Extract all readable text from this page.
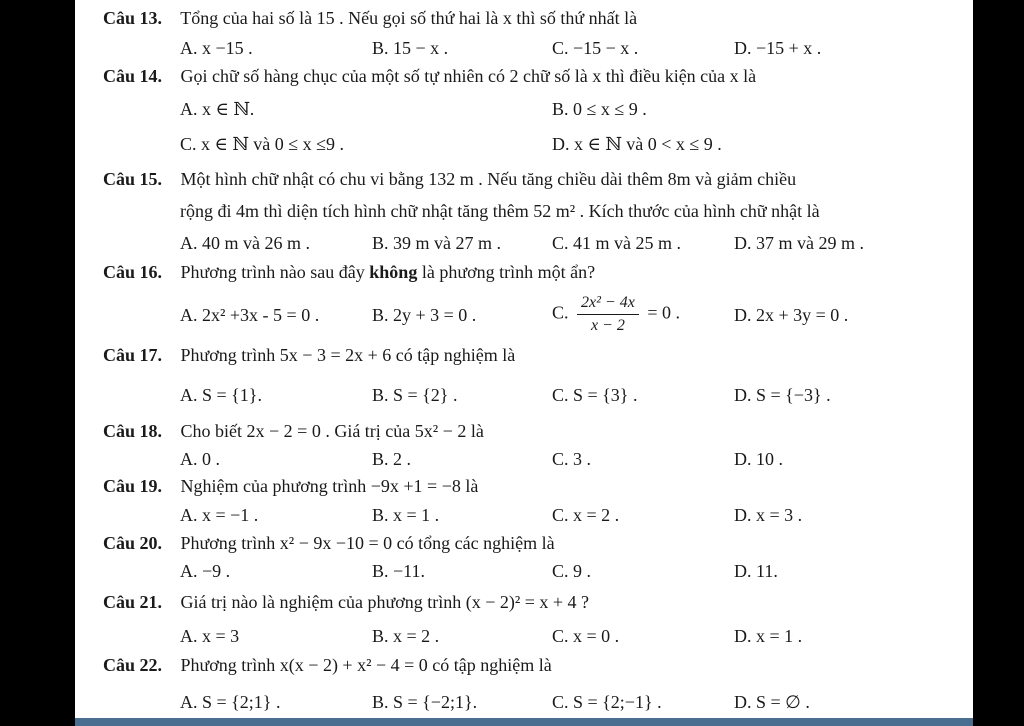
Câu 13. Tổng của hai số là 15 . Nếu gọi số thứ hai là x thì số thứ nhất là
A. x −15 .	B. 15 − x .	C. −15 − x .	D. −15 + x .
Câu 14. Gọi chữ số hàng chục của một số tự nhiên có 2 chữ số là x thì điều kiện của x là
A. x ∈ ℕ.	B. 0 ≤ x ≤ 9 .
C. x ∈ ℕ và 0 ≤ x ≤9 .	D. x ∈ ℕ và 0 < x ≤ 9 .
Câu 15. Một hình chữ nhật có chu vi bằng 132 m . Nếu tăng chiều dài thêm 8m và giảm chiều
rộng đi 4m thì diện tích hình chữ nhật tăng thêm 52 m² . Kích thước của hình chữ nhật là
A. 40 m và 26 m .	B. 39 m và 27 m .	C. 41 m và 25 m .	D. 37 m và 29 m .
Câu 16. Phương trình nào sau đây không là phương trình một ẩn?
A. 2x² +3x - 5 = 0 .	B. 2y + 3 = 0 .	C. $\frac{\text{2x² − 4x}}{x - 2} = 0$ .	D. 2x + 3y = 0 .
Câu 17. Phương trình 5x − 3 = 2x + 6 có tập nghiệm là
A. S = {1}.	B. S = {2} .	C. S = {3} .	D. S = {−3} .
Câu 18. Cho biết 2x − 2 = 0 . Giá trị của 5x² − 2 là
A. 0 .	B. 2 .	C. 3 .	D. 10 .
Câu 19. Nghiệm của phương trình −9x +1 = −8 là
A. x = −1 .	B. x = 1 .	C. x = 2 .	D. x = 3 .
Câu 20. Phương trình x² − 9x −10 = 0 có tổng các nghiệm là
A. −9 .	B. −11.	C. 9 .	D. 11.
Câu 21. Giá trị nào là nghiệm của phương trình (x − 2)² = x + 4 ?
A. x = 3	B. x = 2 .	C. x = 0 .	D. x = 1 .
Câu 22. Phương trình x(x − 2) + x² − 4 = 0 có tập nghiệm là
A. S = {2;1} .	B. S = {−2;1}.	C. S = {2;−1} .	D. S = ∅ .
